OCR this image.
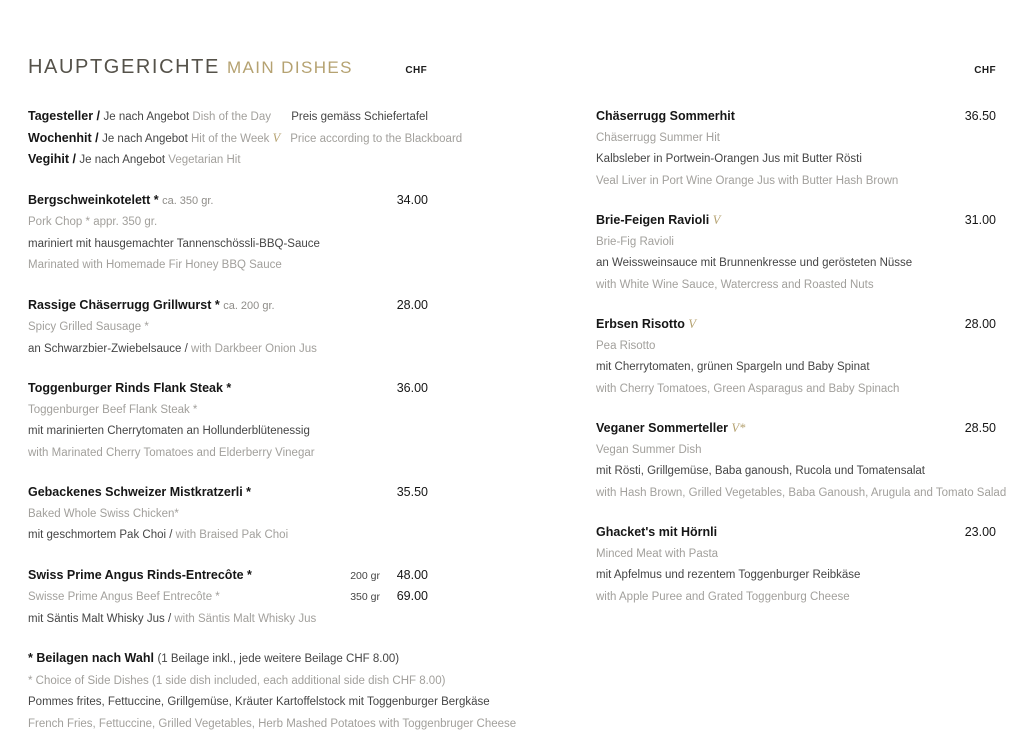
HAUPTGERICHTE MAIN DISHES	CHF	CHF
Tagesteller / Je nach Angebot Dish of the Day Preis gemäss Schiefertafel
Wochenhit / Je nach Angebot Hit of the Week V Price according to the Blackboard
Vegihit / Je nach Angebot Vegetarian Hit
Bergschweinkotelett * ca. 350 gr.	34.00
Pork Chop * appr. 350 gr.
mariniert mit hausgemachter Tannenschössli-BBQ-Sauce
Marinated with Homemade Fir Honey BBQ Sauce
Rassige Chäserrugg Grillwurst * ca. 200 gr.	28.00
Spicy Grilled Sausage *
an Schwarzbier-Zwiebelsauce / with Darkbeer Onion Jus
Toggenburger Rinds Flank Steak *	36.00
Toggenburger Beef Flank Steak *
mit marinierten Cherrytomaten an Hollunderblütenessig
with Marinated Cherry Tomatoes and Elderberry Vinegar
Gebackenes Schweizer Mistkratzerli *	35.50
Baked Whole Swiss Chicken*
mit geschmortem Pak Choi / with Braised Pak Choi
Swiss Prime Angus Rinds-Entrecôte *	200 gr 48.00
Swisse Prime Angus Beef Entrecôte *	350 gr 69.00
mit Säntis Malt Whisky Jus / with Säntis Malt Whisky Jus
* Beilagen nach Wahl (1 Beilage inkl., jede weitere Beilage CHF 8.00)
* Choice of Side Dishes (1 side dish included, each additional side dish CHF 8.00)
Pommes frites, Fettuccine, Grillgemüse, Kräuter Kartoffelstock mit Toggenburger Bergkäse
French Fries, Fettuccine, Grilled Vegetables, Herb Mashed Potatoes with Toggenbruger Cheese
Chäserrugg Sommerhit	36.50
Chäserrugg Summer Hit
Kalbsleber in Portwein-Orangen Jus mit Butter Rösti
Veal Liver in Port Wine Orange Jus with Butter Hash Brown
Brie-Feigen Ravioli V	31.00
Brie-Fig Ravioli
an Weissweinsauce mit Brunnenkresse und gerösteten Nüsse
with White Wine Sauce, Watercress and Roasted Nuts
Erbsen Risotto V	28.00
Pea Risotto
mit Cherrytomaten, grünen Spargeln und Baby Spinat
with Cherry Tomatoes, Green Asparagus and Baby Spinach
Veganer Sommerteller V*	28.50
Vegan Summer Dish
mit Rösti, Grillgemüse, Baba ganoush, Rucola und Tomatensalat
with Hash Brown, Grilled Vegetables, Baba Ganoush, Arugula and Tomato Salad
Ghacket's mit Hörnli	23.00
Minced Meat with Pasta
mit Apfelmus und rezentem Toggenburger Reibkäse
with Apple Puree and Grated Toggenburg Cheese
